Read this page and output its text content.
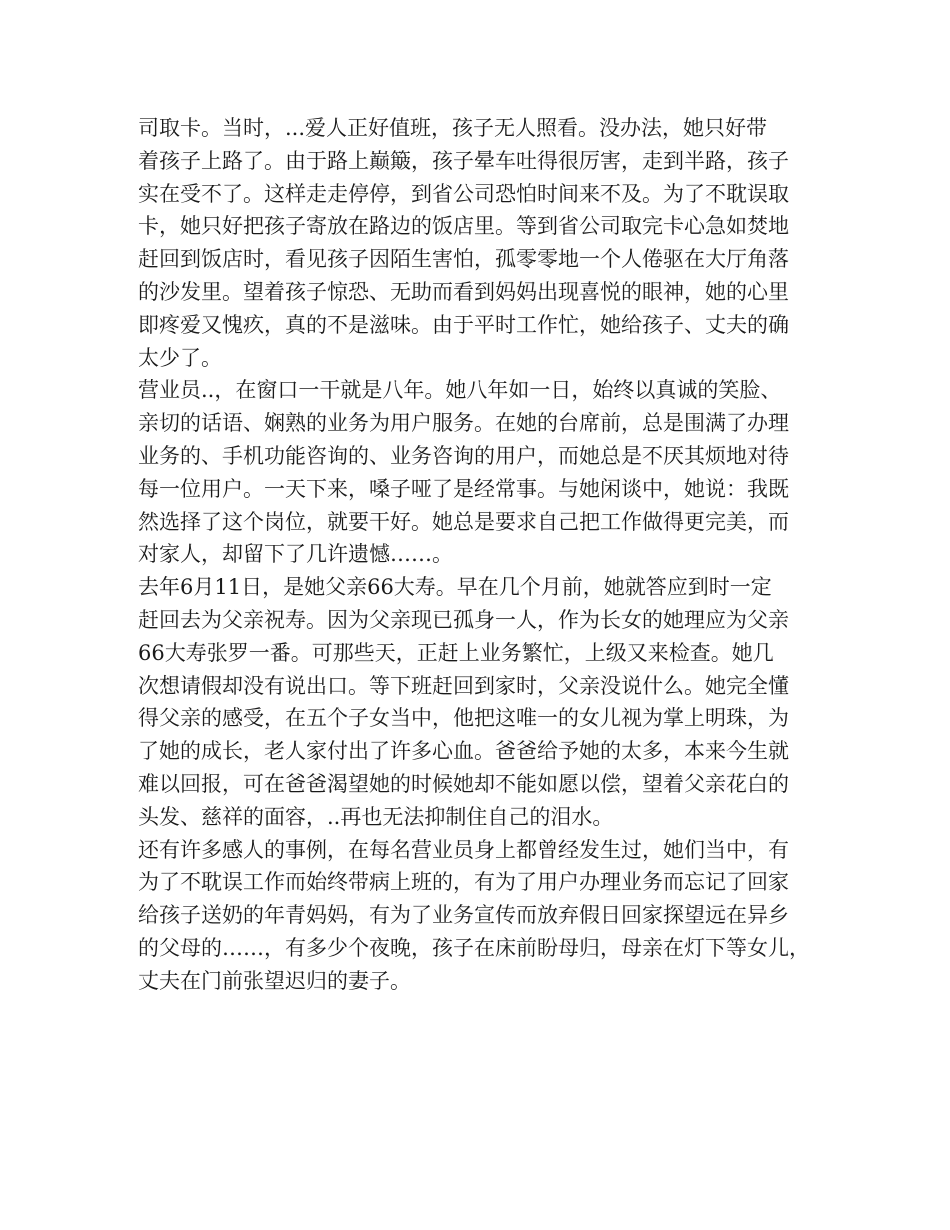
司取卡。当时，...爱人正好值班，孩子无人照看。没办法，她只好带
着孩子上路了。由于路上巅簸，孩子晕车吐得很厉害，走到半路，孩子
实在受不了。这样走走停停，到省公司恐怕时间来不及。为了不耽误取
卡，她只好把孩子寄放在路边的饭店里。等到省公司取完卡心急如焚地
赶回到饭店时，看见孩子因陌生害怕，孤零零地一个人倦驱在大厅角落
的沙发里。望着孩子惊恐、无助而看到妈妈出现喜悦的眼神，她的心里
即疼爱又愧疚，真的不是滋味。由于平时工作忙，她给孩子、丈夫的确
太少了。
营业员..，在窗口一干就是八年。她八年如一日，始终以真诚的笑脸、
亲切的话语、娴熟的业务为用户服务。在她的台席前，总是围满了办理
业务的、手机功能咨询的、业务咨询的用户，而她总是不厌其烦地对待
每一位用户。一天下来，嗓子哑了是经常事。与她闲谈中，她说：我既
然选择了这个岗位，就要干好。她总是要求自己把工作做得更完美，而
对家人，却留下了几许遗憾……。
去年6月11日，是她父亲66大寿。早在几个月前，她就答应到时一定
赶回去为父亲祝寿。因为父亲现已孤身一人，作为长女的她理应为父亲
66大寿张罗一番。可那些天，正赶上业务繁忙，上级又来检查。她几
次想请假却没有说出口。等下班赶回到家时，父亲没说什么。她完全懂
得父亲的感受，在五个子女当中，他把这唯一的女儿视为掌上明珠，为
了她的成长，老人家付出了许多心血。爸爸给予她的太多，本来今生就
难以回报，可在爸爸渴望她的时候她却不能如愿以偿，望着父亲花白的
头发、慈祥的面容，..再也无法抑制住自己的泪水。
还有许多感人的事例，在每名营业员身上都曾经发生过，她们当中，有
为了不耽误工作而始终带病上班的，有为了用户办理业务而忘记了回家
给孩子送奶的年青妈妈，有为了业务宣传而放弃假日回家探望远在异乡
的父母的……，有多少个夜晚，孩子在床前盼母归，母亲在灯下等女儿，
丈夫在门前张望迟归的妻子。
